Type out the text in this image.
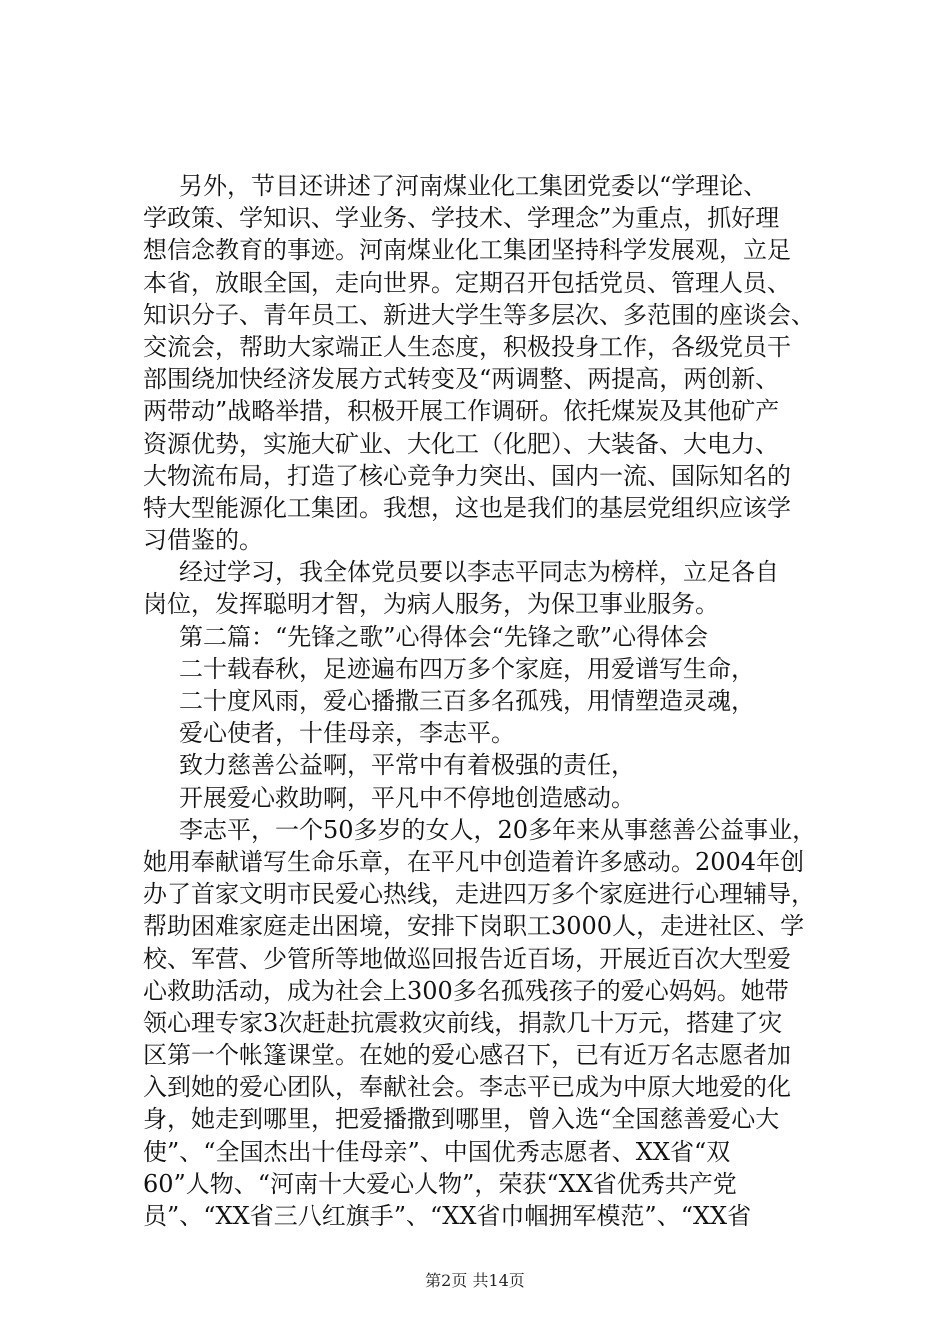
另外，节目还讲述了河南煤业化工集团党委以“学理论、
学政策、学知识、学业务、学技术、学理念”为重点，抓好理
想信念教育的事迹。河南煤业化工集团坚持科学发展观，立足
本省，放眼全国，走向世界。定期召开包括党员、管理人员、
知识分子、青年员工、新进大学生等多层次、多范围的座谈会、
交流会，帮助大家端正人生态度，积极投身工作，各级党员干
部围绕加快经济发展方式转变及“两调整、两提高，两创新、
两带动”战略举措，积极开展工作调研。依托煤炭及其他矿产
资源优势，实施大矿业、大化工（化肥）、大装备、大电力、
大物流布局，打造了核心竞争力突出、国内一流、国际知名的
特大型能源化工集团。我想，这也是我们的基层党组织应该学
习借鉴的。
经过学习，我全体党员要以李志平同志为榜样，立足各自
岗位，发挥聪明才智，为病人服务，为保卫事业服务。
第二篇：“先锋之歌”心得体会“先锋之歌”心得体会
二十载春秋，足迹遍布四万多个家庭，用爱谱写生命，
二十度风雨，爱心播撒三百多名孤残，用情塑造灵魂，
爱心使者，十佳母亲，李志平。
致力慈善公益啊，平常中有着极强的责任，
开展爱心救助啊，平凡中不停地创造感动。
李志平，一个50多岁的女人，20多年来从事慈善公益事业，
她用奉献谱写生命乐章，在平凡中创造着许多感动。2004年创
办了首家文明市民爱心热线，走进四万多个家庭进行心理辅导，
帮助困难家庭走出困境，安排下岗职工3000人，走进社区、学
校、军营、少管所等地做巡回报告近百场，开展近百次大型爱
心救助活动，成为社会上300多名孤残孩子的爱心妈妈。她带
领心理专家3次赶赴抗震救灾前线，捐款几十万元，搭建了灾
区第一个帐篷课堂。在她的爱心感召下，已有近万名志愿者加
入到她的爱心团队，奉献社会。李志平已成为中原大地爱的化
身，她走到哪里，把爱播撒到哪里，曾入选“全国慈善爱心大
使”、“全国杰出十佳母亲”、中国优秀志愿者、XX省“双
60”人物、“河南十大爱心人物”，荣获“XX省优秀共产党
员”、“XX省三八红旗手”、“XX省巾帼拥军模范”、“XX省
第2页 共14页
